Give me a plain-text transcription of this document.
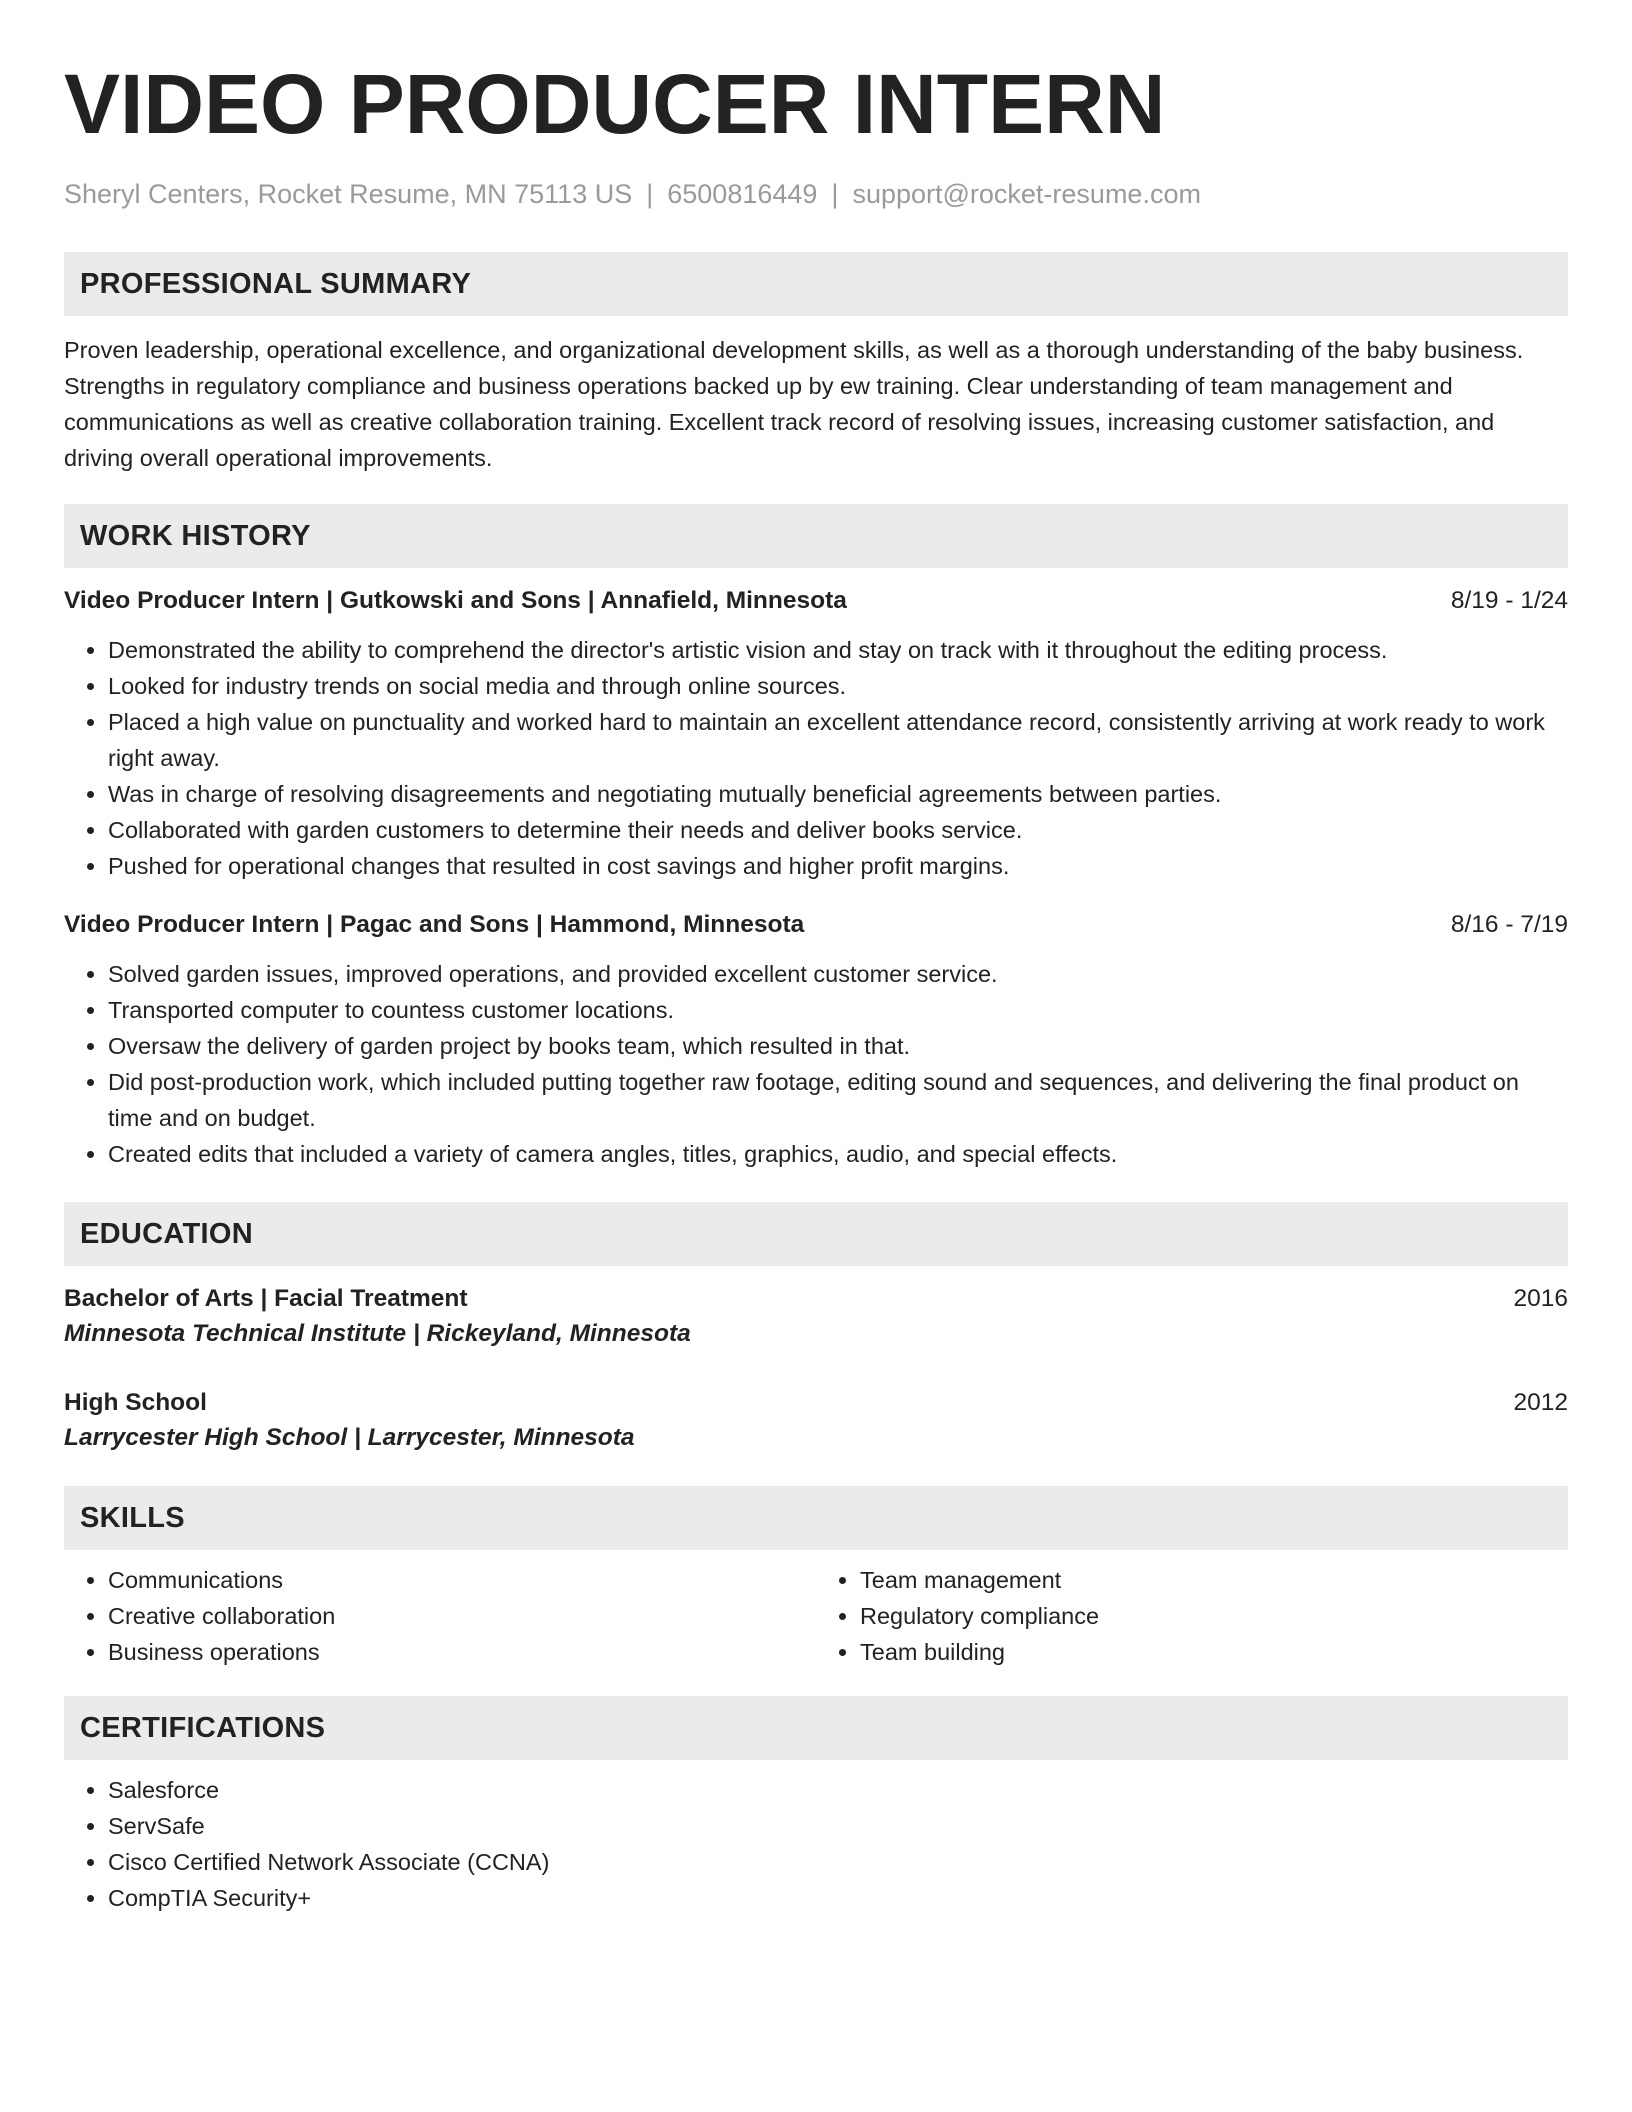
VIDEO PRODUCER INTERN
Sheryl Centers, Rocket Resume, MN 75113 US | 6500816449 | support@rocket-resume.com
PROFESSIONAL SUMMARY

Proven leadership, operational excellence, and organizational development skills, as well as a thorough understanding of the baby business. Strengths in regulatory compliance and business operations backed up by ew training. Clear understanding of team management and communications as well as creative collaboration training. Excellent track record of resolving issues, increasing customer satisfaction, and driving overall operational improvements.

WORK HISTORY
Video Producer Intern | Gutkowski and Sons | Annafield, Minnesota	8/19 - 1/24
• Demonstrated the ability to comprehend the director's artistic vision and stay on track with it throughout the editing process.
• Looked for industry trends on social media and through online sources.
• Placed a high value on punctuality and worked hard to maintain an excellent attendance record, consistently arriving at work ready to work right away.
• Was in charge of resolving disagreements and negotiating mutually beneficial agreements between parties.
• Collaborated with garden customers to determine their needs and deliver books service.
• Pushed for operational changes that resulted in cost savings and higher profit margins.
Video Producer Intern | Pagac and Sons | Hammond, Minnesota	8/16 - 7/19
• Solved garden issues, improved operations, and provided excellent customer service.
• Transported computer to countess customer locations.
• Oversaw the delivery of garden project by books team, which resulted in that.
• Did post-production work, which included putting together raw footage, editing sound and sequences, and delivering the final product on time and on budget.
• Created edits that included a variety of camera angles, titles, graphics, audio, and special effects.
EDUCATION
Bachelor of Arts | Facial Treatment	2016
Minnesota Technical Institute | Rickeyland, Minnesota
High School	2012
Larrycester High School | Larrycester, Minnesota
SKILLS
• Communications
• Creative collaboration
• Business operations
• Team management
• Regulatory compliance
• Team building
CERTIFICATIONS
• Salesforce
• ServSafe
• Cisco Certified Network Associate (CCNA)
• CompTIA Security+
